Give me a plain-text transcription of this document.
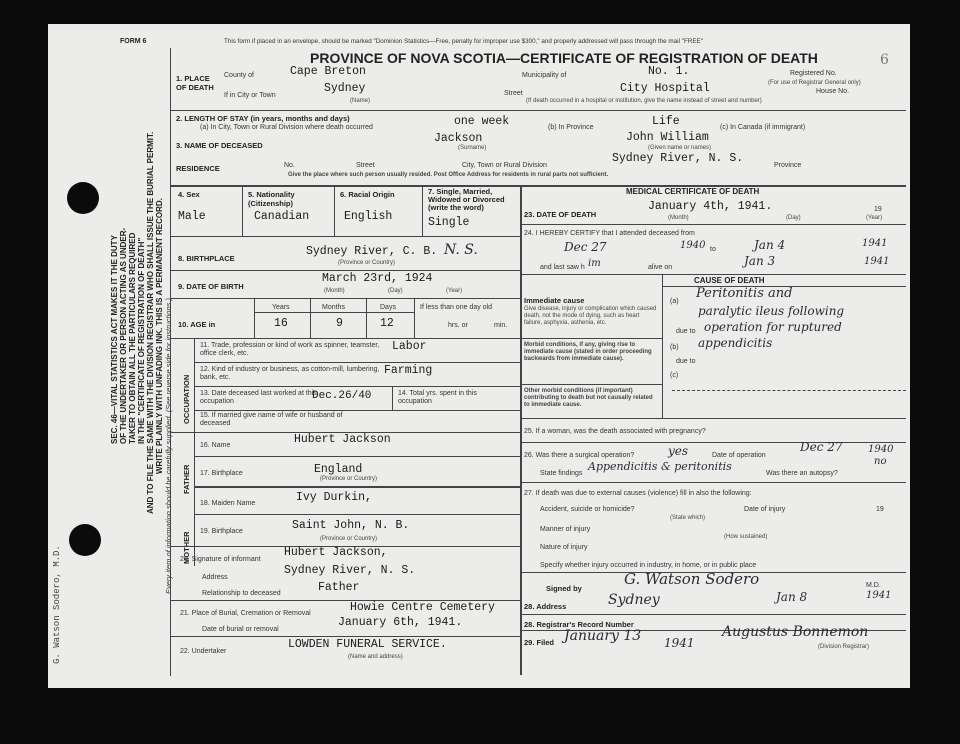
G. Watson Sodero, M.D.
SEC. 46—VITAL STATISTICS ACT MAKES IT THE DUTY OF THE UNDERTAKER OR PERSON ACTING AS UNDER- TAKER TO OBTAIN ALL THE PARTICULARS REQUIRED IN THE "CERTIFICATE OF REGISTRATION OF DEATH" AND TO FILE THE SAME WITH THE DIVISION REGISTRAR WHO SHALL ISSUE THE BURIAL PERMIT. WRITE PLAINLY WITH UNFADING INK. THIS IS A PERMANENT RECORD. Every item of information should be carefully supplied. (See reverse side for instructions.)
FORM 6	This form if placed in an envelope, should be marked "Dominion Statistics—Free, penalty for improper use $300," and properly addressed will pass through the mail "FREE"
PROVINCE OF NOVA SCOTIA—CERTIFICATE OF REGISTRATION OF DEATH	6
1. PLACE OF DEATH
County of	Cape Breton	Municipality of	No. 1.	Registered No.
(For use of Registrar General only)
If in City or Town
Sydney
(Name)
Street	City Hospital	House No.
(If death occurred in a hospital or institution, give the name instead of street and number)
2. LENGTH OF STAY (in years, months and days)
(a) In City, Town or Rural Division where death occurred	one week	(b) In Province	Life	(c) In Canada (if immigrant)
3. NAME OF DECEASED
Jackson	John William
(Surname)	(Given name or names)
RESIDENCE	No.	Street	City, Town or Rural Division
Sydney River, N. S.
Province
Give the place where such person usually resided. Post Office Address for residents in rural parts not sufficient.
4. Sex
Male
5. Nationality (Citizenship)
Canadian
6. Racial Origin
English
7. Single, Married, Widowed or Divorced (write the word)
Single
8. BIRTHPLACE
Sydney River, C. B. N. S.
(Province or Country)
9. DATE OF BIRTH
March 23rd, 1924
(Month)	(Day)	(Year)
10. AGE in
Years	Months	Days
16	9	12
If less than one day old
hrs. or	min.
OCCUPATION
11. Trade, profession or kind of work as spinner, teamster, office clerk, etc.
Labor
12. Kind of industry or business, as cotton-mill, lumbering, bank, etc.
Farming
13. Date deceased last worked at this occupation	Dec.26/40	14. Total yrs. spent in this occupation
15. If married give name of wife or husband of deceased
FATHER
MOTHER
16. Name	Hubert Jackson
17. Birthplace	England
(Province or Country)
18. Maiden Name	Ivy Durkin,
19. Birthplace	Saint John, N. B.
(Province or Country)
20. Signature of informant
Hubert Jackson,
Address
Sydney River, N. S.
Relationship to deceased	Father
21. Place of Burial, Cremation or Removal	Howie Centre Cemetery
Date of burial or removal
January 6th, 1941.
22. Undertaker
LOWDEN FUNERAL SERVICE.
(Name and address)
MEDICAL CERTIFICATE OF DEATH
23. DATE OF DEATH
January 4th, 1941.
(Month)	(Day)	(Year)
19
24. I HEREBY CERTIFY that I attended deceased from
Dec 27	1940 to	Jan 4	1941
and last saw h im	alive on	Jan 3	1941
CAUSE OF DEATH
Immediate cause
Give disease, injury or complication which caused death, not the mode of dying, such as heart failure, asphyxia, asthenia, etc.
(a)
Peritonitis and
paralytic ileus following
due to operation for ruptured
Morbid conditions, if any, giving rise to immediate cause (stated in order proceeding backwards from immediate cause).
(b) appendicitis
due to
(c)
Other morbid conditions (if important) contributing to death but not causally related to immediate cause.
25. If a woman, was the death associated with pregnancy?
26. Was there a surgical operation?	yes	Date of operation
Dec 27	1940
State findings
Appendicitis & peritonitis
Was there an autopsy?
no
27. If death was due to external causes (violence) fill in also the following:
Accident, suicide or homicide?	Date of injury	19
(State which)
Manner of injury
(How sustained)
Nature of injury
Specify whether injury occurred in industry, in home, or in public place
Signed by
G. Watson Sodero	M.D.
28. Address	Sydney	Jan 8	1941
28. Registrar's Record Number
29. Filed January 13 1941
Augustus Bonnemon
(Division Registrar)
